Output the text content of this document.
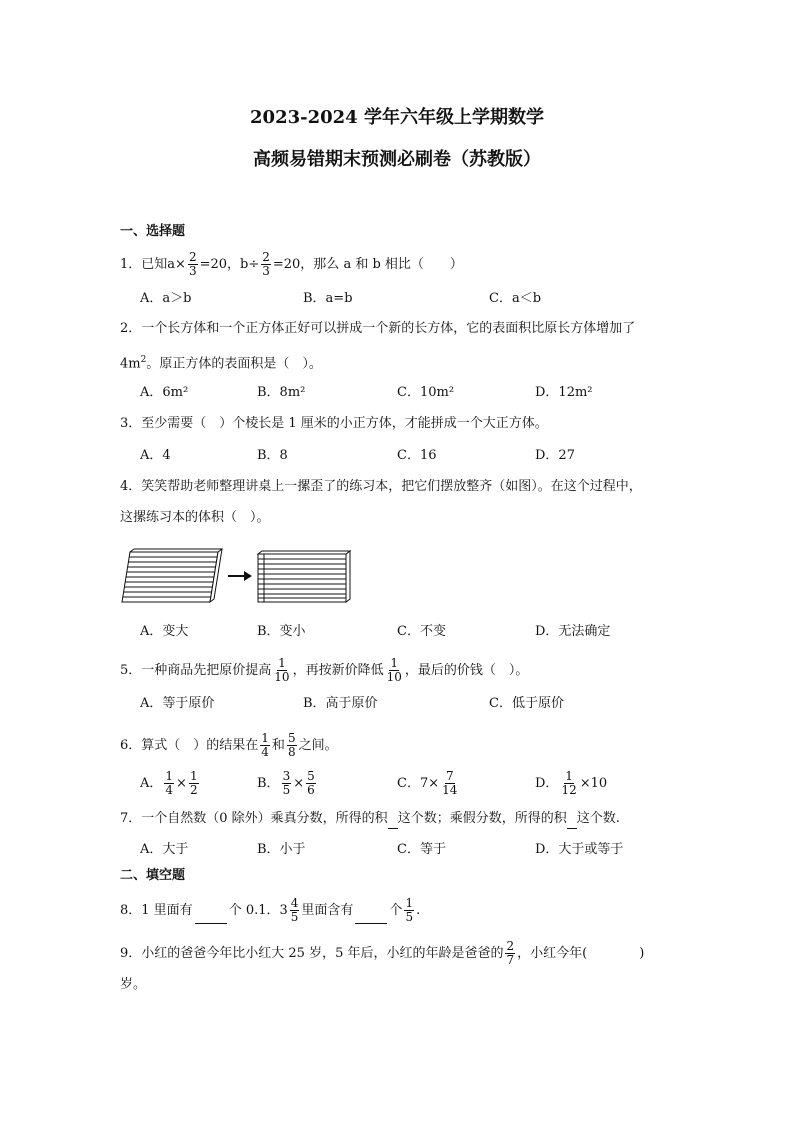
2023-2024 学年六年级上学期数学
高频易错期末预测必刷卷（苏教版）
一、选择题
1．已知$a\times \frac{2}{3} =20$，$b\div \frac{2}{3} =20$，那么 a 和 b 相比（　　）
A．a＞b	B．a=b	C．a＜b
2．一个长方体和一个正方体正好可以拼成一个新的长方体，它的表面积比原长方体增加了
$4m^2$。原正方体的表面积是（　）。
A．6m²	B．8m²	C．10m²	D．12m²
3．至少需要（　）个棱长是 1 厘米的小正方体，才能拼成一个大正方体。
A．4	B．8	C．16	D．27
4．笑笑帮助老师整理讲桌上一摞歪了的练习本，把它们摆放整齐（如图）。在这个过程中，
这摞练习本的体积（　）。
A．变大	B．变小	C．不变	D．无法确定
5．一种商品先把原价提高 $\frac{1}{10}$ ，再按新价降低 $\frac{1}{10}$ ，最后的价钱（　）。
A．等于原价	B．高于原价	C．低于原价
6．算式（　）的结果在 $\frac{1}{4}$ 和 $\frac{5}{8}$ 之间。
A． $\frac{1}{4} \times \frac{1}{2}$	B． $\frac{3}{5} \times \frac{5}{6}$	C．$7\times \frac{7}{14}$	D． $\frac{1}{12} \times 10$
7．一个自然数（0 除外）乘真分数，所得的积 这个数；乘假分数，所得的积 这个数.
A．大于	B．小于	C．等于	D．大于或等于
二、填空题
8．1 里面有	个 0.1．$3 \frac{4}{5}$ 里面含有	个 $\frac{1}{5}$ .
9．小红的爸爸今年比小红大 25 岁，5 年后，小红的年龄是爸爸的 $\frac{2}{7}$ ，小红今年(　　　　)
岁。
